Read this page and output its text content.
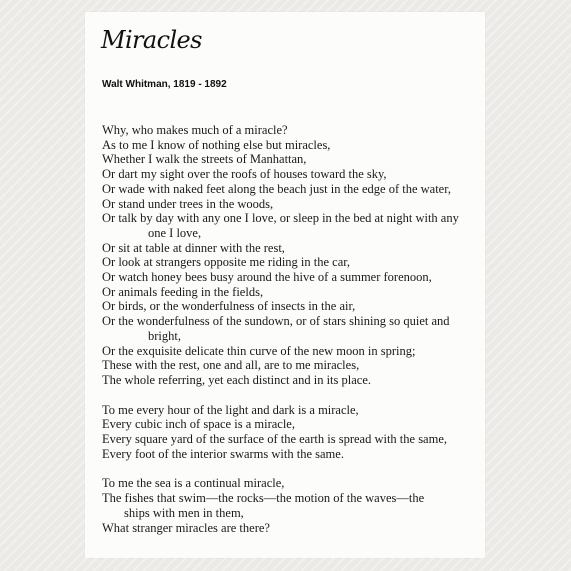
Miracles
Walt Whitman, 1819 - 1892
Why, who makes much of a miracle?
As to me I know of nothing else but miracles,
Whether I walk the streets of Manhattan,
Or dart my sight over the roofs of houses toward the sky,
Or wade with naked feet along the beach just in the edge of the water,
Or stand under trees in the woods,
Or talk by day with any one I love, or sleep in the bed at night with any
one I love,
Or sit at table at dinner with the rest,
Or look at strangers opposite me riding in the car,
Or watch honey bees busy around the hive of a summer forenoon,
Or animals feeding in the fields,
Or birds, or the wonderfulness of insects in the air,
Or the wonderfulness of the sundown, or of stars shining so quiet and
bright,
Or the exquisite delicate thin curve of the new moon in spring;
These with the rest, one and all, are to me miracles,
The whole referring, yet each distinct and in its place.
To me every hour of the light and dark is a miracle,
Every cubic inch of space is a miracle,
Every square yard of the surface of the earth is spread with the same,
Every foot of the interior swarms with the same.
To me the sea is a continual miracle,
The fishes that swim—the rocks—the motion of the waves—the
ships with men in them,
What stranger miracles are there?
